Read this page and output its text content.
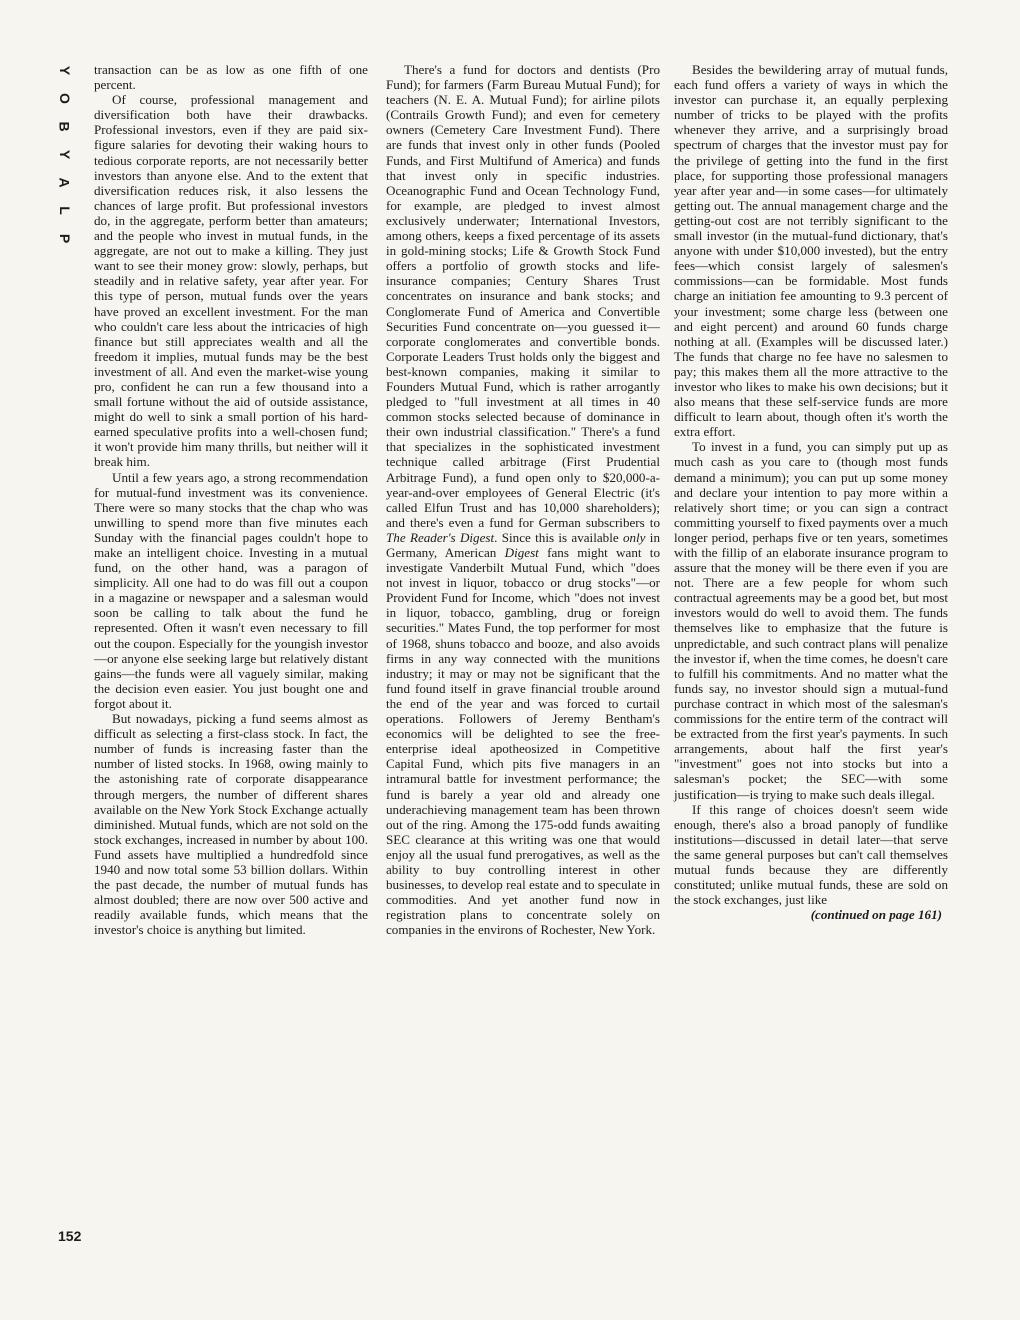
Y
O
B
Y
A
L
P

transaction can be as low as one fifth of one percent.

Of course, professional management and diversification both have their drawbacks. Professional investors, even if they are paid six-figure salaries for devoting their waking hours to tedious corporate reports, are not necessarily better investors than anyone else. And to the extent that diversification reduces risk, it also lessens the chances of large profit. But professional investors do, in the aggregate, perform better than amateurs; and the people who invest in mutual funds, in the aggregate, are not out to make a killing. They just want to see their money grow: slowly, perhaps, but steadily and in relative safety, year after year. For this type of person, mutual funds over the years have proved an excellent investment. For the man who couldn't care less about the intricacies of high finance but still appreciates wealth and all the freedom it implies, mutual funds may be the best investment of all. And even the market-wise young pro, confident he can run a few thousand into a small fortune without the aid of outside assistance, might do well to sink a small portion of his hard-earned speculative profits into a well-chosen fund; it won't provide him many thrills, but neither will it break him.

Until a few years ago, a strong recommendation for mutual-fund investment was its convenience. There were so many stocks that the chap who was unwilling to spend more than five minutes each Sunday with the financial pages couldn't hope to make an intelligent choice. Investing in a mutual fund, on the other hand, was a paragon of simplicity. All one had to do was fill out a coupon in a magazine or newspaper and a salesman would soon be calling to talk about the fund he represented. Often it wasn't even necessary to fill out the coupon. Especially for the youngish investor—or anyone else seeking large but relatively distant gains—the funds were all vaguely similar, making the decision even easier. You just bought one and forgot about it.

But nowadays, picking a fund seems almost as difficult as selecting a first-class stock. In fact, the number of funds is increasing faster than the number of listed stocks. In 1968, owing mainly to the astonishing rate of corporate disappearance through mergers, the number of different shares available on the New York Stock Exchange actually diminished. Mutual funds, which are not sold on the stock exchanges, increased in number by about 100. Fund assets have multiplied a hundredfold since 1940 and now total some 53 billion dollars. Within the past decade, the number of mutual funds has almost doubled; there are now over 500 active and readily available funds, which means that the investor's choice is anything but limited.

There's a fund for doctors and dentists (Pro Fund); for farmers (Farm Bureau Mutual Fund); for teachers (N. E. A. Mutual Fund); for airline pilots (Contrails Growth Fund); and even for cemetery owners (Cemetery Care Investment Fund). There are funds that invest only in other funds (Pooled Funds, and First Multifund of America) and funds that invest only in specific industries. Oceanographic Fund and Ocean Technology Fund, for example, are pledged to invest almost exclusively underwater; International Investors, among others, keeps a fixed percentage of its assets in gold-mining stocks; Life & Growth Stock Fund offers a portfolio of growth stocks and life-insurance companies; Century Shares Trust concentrates on insurance and bank stocks; and Conglomerate Fund of America and Convertible Securities Fund concentrate on—you guessed it—corporate conglomerates and convertible bonds. Corporate Leaders Trust holds only the biggest and best-known companies, making it similar to Founders Mutual Fund, which is rather arrogantly pledged to "full investment at all times in 40 common stocks selected because of dominance in their own industrial classification." There's a fund that specializes in the sophisticated investment technique called arbitrage (First Prudential Arbitrage Fund), a fund open only to $20,000-a-year-and-over employees of General Electric (it's called Elfun Trust and has 10,000 shareholders); and there's even a fund for German subscribers to The Reader's Digest. Since this is available only in Germany, American Digest fans might want to investigate Vanderbilt Mutual Fund, which "does not invest in liquor, tobacco or drug stocks"—or Provident Fund for Income, which "does not invest in liquor, tobacco, gambling, drug or foreign securities." Mates Fund, the top performer for most of 1968, shuns tobacco and booze, and also avoids firms in any way connected with the munitions industry; it may or may not be significant that the fund found itself in grave financial trouble around the end of the year and was forced to curtail operations. Followers of Jeremy Bentham's economics will be delighted to see the free-enterprise ideal apotheosized in Competitive Capital Fund, which pits five managers in an intramural battle for investment performance; the fund is barely a year old and already one underachieving management team has been thrown out of the ring. Among the 175-odd funds awaiting SEC clearance at this writing was one that would enjoy all the usual fund prerogatives, as well as the ability to buy controlling interest in other businesses, to develop real estate and to speculate in commodities. And yet another fund now in registration plans to concentrate solely on companies in the environs of Rochester, New York.

Besides the bewildering array of mutual funds, each fund offers a variety of ways in which the investor can purchase it, an equally perplexing number of tricks to be played with the profits whenever they arrive, and a surprisingly broad spectrum of charges that the investor must pay for the privilege of getting into the fund in the first place, for supporting those professional managers year after year and—in some cases—for ultimately getting out. The annual management charge and the getting-out cost are not terribly significant to the small investor (in the mutual-fund dictionary, that's anyone with under $10,000 invested), but the entry fees—which consist largely of salesmen's commissions—can be formidable. Most funds charge an initiation fee amounting to 9.3 percent of your investment; some charge less (between one and eight percent) and around 60 funds charge nothing at all. (Examples will be discussed later.) The funds that charge no fee have no salesmen to pay; this makes them all the more attractive to the investor who likes to make his own decisions; but it also means that these self-service funds are more difficult to learn about, though often it's worth the extra effort.

To invest in a fund, you can simply put up as much cash as you care to (though most funds demand a minimum); you can put up some money and declare your intention to pay more within a relatively short time; or you can sign a contract committing yourself to fixed payments over a much longer period, perhaps five or ten years, sometimes with the fillip of an elaborate insurance program to assure that the money will be there even if you are not. There are a few people for whom such contractual agreements may be a good bet, but most investors would do well to avoid them. The funds themselves like to emphasize that the future is unpredictable, and such contract plans will penalize the investor if, when the time comes, he doesn't care to fulfill his commitments. And no matter what the funds say, no investor should sign a mutual-fund purchase contract in which most of the salesman's commissions for the entire term of the contract will be extracted from the first year's payments. In such arrangements, about half the first year's "investment" goes not into stocks but into a salesman's pocket; the SEC—with some justification—is trying to make such deals illegal.

If this range of choices doesn't seem wide enough, there's also a broad panoply of fundlike institutions—discussed in detail later—that serve the same general purposes but can't call themselves mutual funds because they are differently constituted; unlike mutual funds, these are sold on the stock exchanges, just like

(continued on page 161)
152
